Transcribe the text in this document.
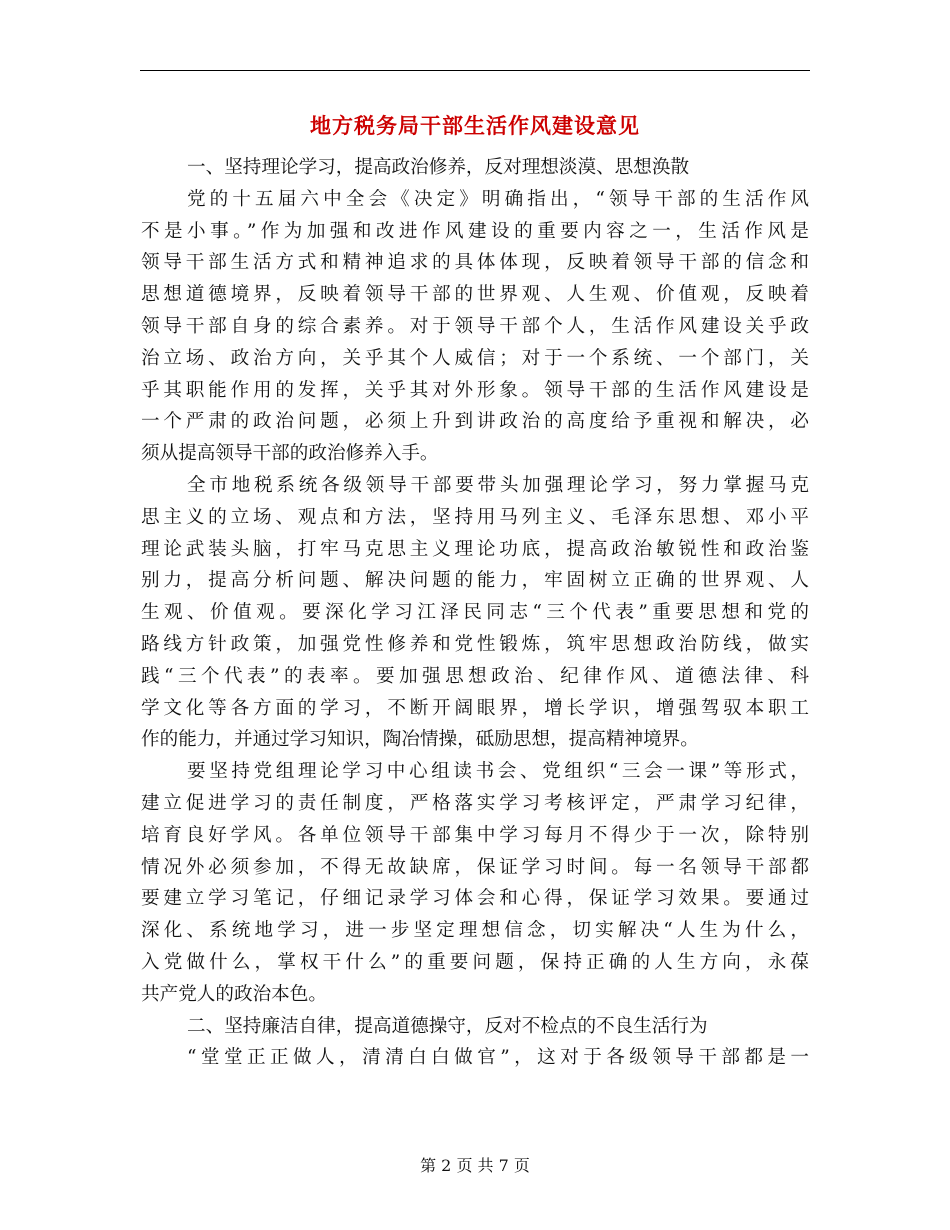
地方税务局干部生活作风建设意见
一、坚持理论学习，提高政治修养，反对理想淡漠、思想涣散
党的十五届六中全会《决定》明确指出，“领导干部的生活作风
不是小事。”作为加强和改进作风建设的重要内容之一，生活作风是
领导干部生活方式和精神追求的具体体现，反映着领导干部的信念和
思想道德境界，反映着领导干部的世界观、人生观、价值观，反映着
领导干部自身的综合素养。对于领导干部个人，生活作风建设关乎政
治立场、政治方向，关乎其个人威信；对于一个系统、一个部门，关
乎其职能作用的发挥，关乎其对外形象。领导干部的生活作风建设是
一个严肃的政治问题，必须上升到讲政治的高度给予重视和解决，必
须从提高领导干部的政治修养入手。
全市地税系统各级领导干部要带头加强理论学习，努力掌握马克
思主义的立场、观点和方法，坚持用马列主义、毛泽东思想、邓小平
理论武装头脑，打牢马克思主义理论功底，提高政治敏锐性和政治鉴
别力，提高分析问题、解决问题的能力，牢固树立正确的世界观、人
生观、价值观。要深化学习江泽民同志“三个代表”重要思想和党的
路线方针政策，加强党性修养和党性锻炼，筑牢思想政治防线，做实
践“三个代表”的表率。要加强思想政治、纪律作风、道德法律、科
学文化等各方面的学习，不断开阔眼界，增长学识，增强驾驭本职工
作的能力，并通过学习知识，陶冶情操，砥励思想，提高精神境界。
要坚持党组理论学习中心组读书会、党组织“三会一课”等形式，
建立促进学习的责任制度，严格落实学习考核评定，严肃学习纪律，
培育良好学风。各单位领导干部集中学习每月不得少于一次，除特别
情况外必须参加，不得无故缺席，保证学习时间。每一名领导干部都
要建立学习笔记，仔细记录学习体会和心得，保证学习效果。要通过
深化、系统地学习，进一步坚定理想信念，切实解决“人生为什么，
入党做什么，掌权干什么”的重要问题，保持正确的人生方向，永葆
共产党人的政治本色。
二、坚持廉洁自律，提高道德操守，反对不检点的不良生活行为
“堂堂正正做人，清清白白做官”，这对于各级领导干部都是一
第 2 页 共 7 页
